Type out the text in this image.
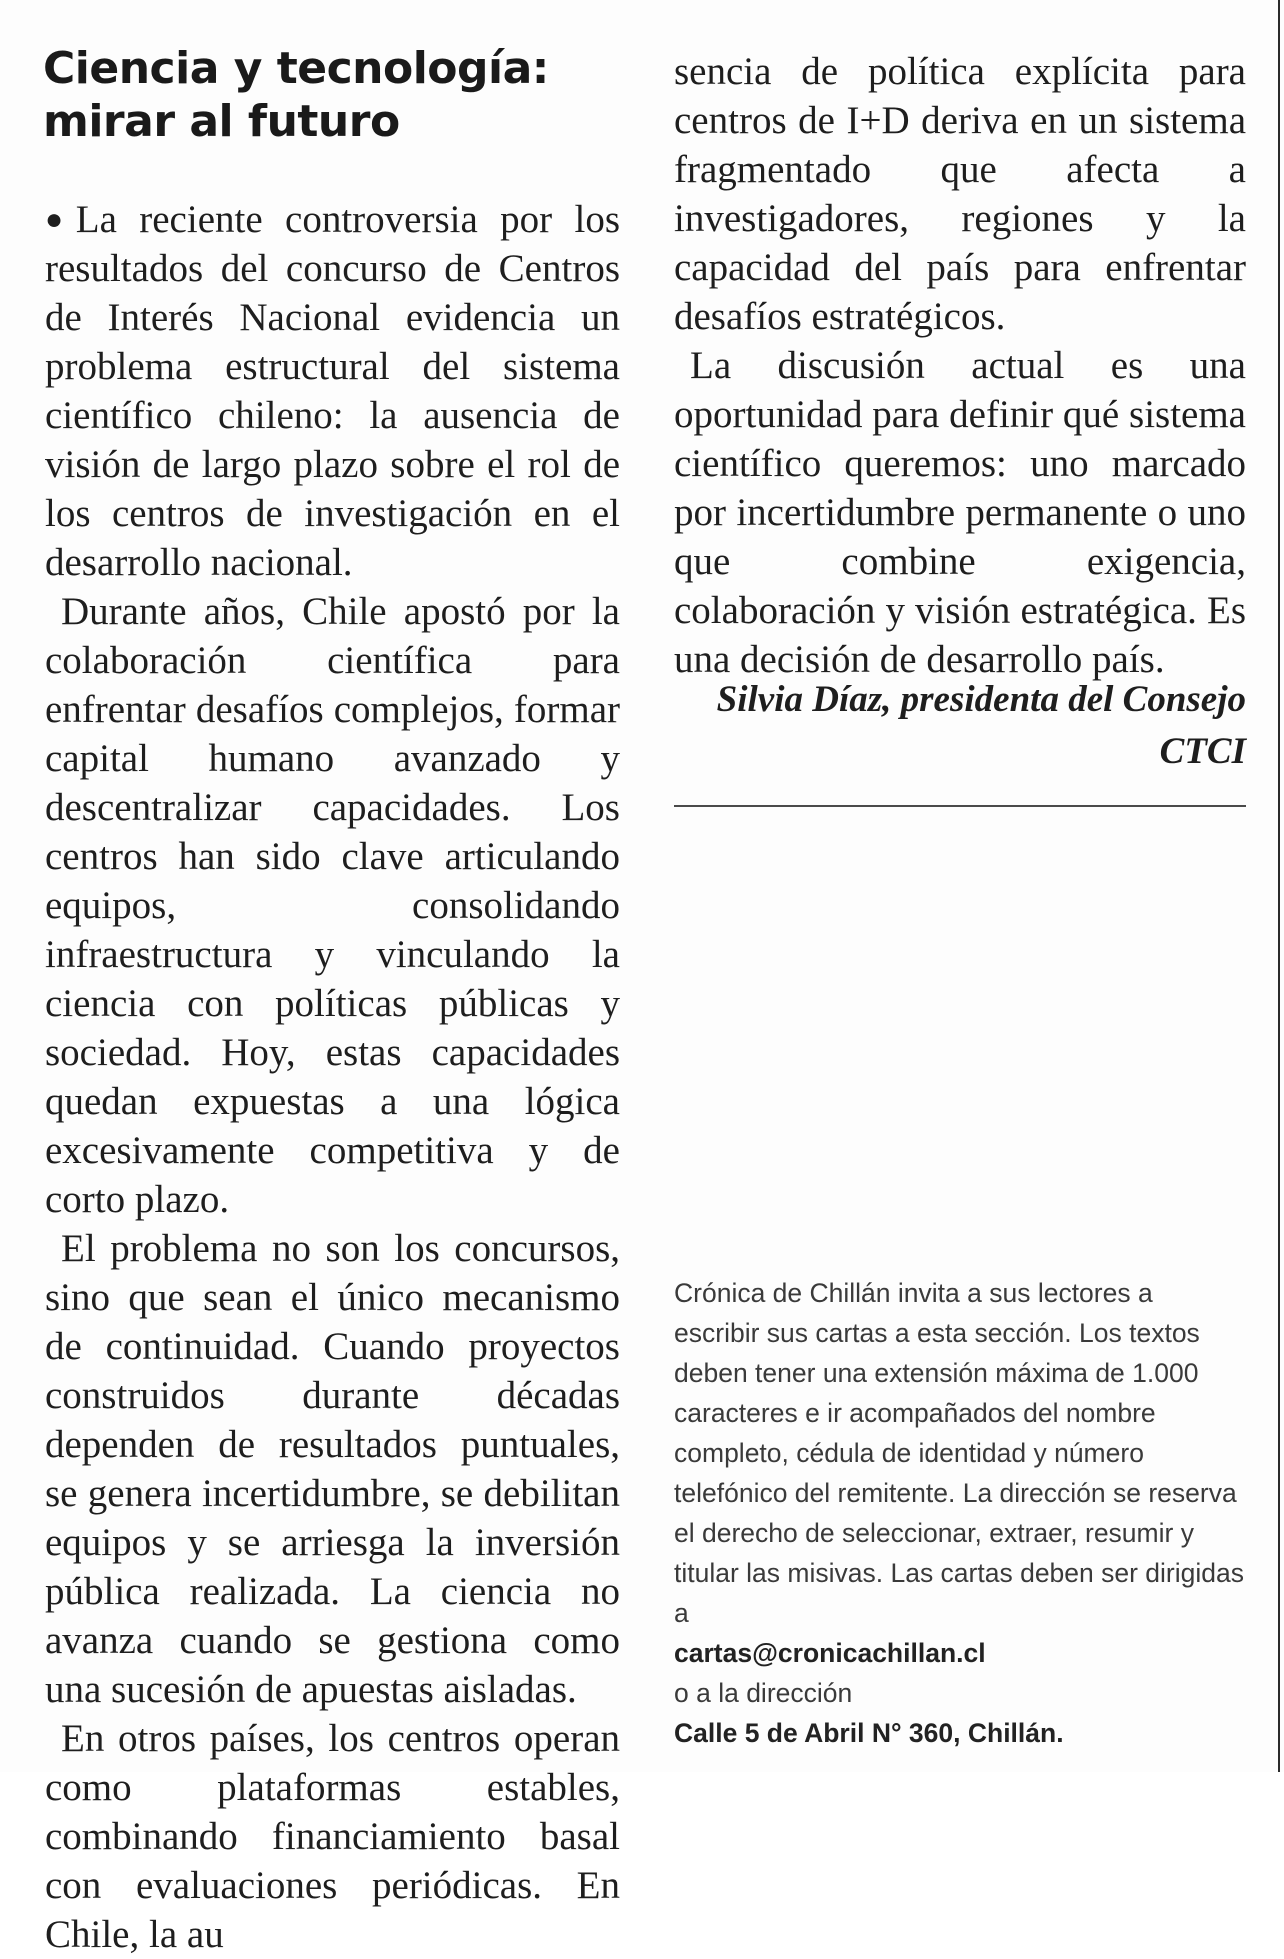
Ciencia y tecnología: mirar al futuro

●La reciente controversia por los resultados del concurso de Centros de Interés Nacional evidencia un problema estructural del sistema científico chileno: la ausencia de visión de largo plazo sobre el rol de los centros de investigación en el desarrollo nacional.

Durante años, Chile apostó por la colaboración científica para enfrentar desafíos complejos, formar capital humano avanzado y descentralizar capacidades. Los centros han sido clave articulando equipos, consolidando infraestructura y vinculando la ciencia con políticas públicas y sociedad. Hoy, estas capacidades quedan expuestas a una lógica excesivamente competitiva y de corto plazo.

El problema no son los concursos, sino que sean el único mecanismo de continuidad. Cuando proyectos construidos durante décadas dependen de resultados puntuales, se genera incertidumbre, se debilitan equipos y se arriesga la inversión pública realizada. La ciencia no avanza cuando se gestiona como una sucesión de apuestas aisladas.

En otros países, los centros operan como plataformas estables, combinando financiamiento basal con evaluaciones periódicas. En Chile, la au

sencia de política explícita para centros de I+D deriva en un sistema fragmentado que afecta a investigadores, regiones y la capacidad del país para enfrentar desafíos estratégicos.

La discusión actual es una oportunidad para definir qué sistema científico queremos: uno marcado por incertidumbre permanente o uno que combine exigencia, colaboración y visión estratégica. Es una decisión de desarrollo país.

Silvia Díaz, presidenta del Consejo
CTCI

Crónica de Chillán invita a sus lectores a escribir sus cartas a esta sección. Los textos deben tener una extensión máxima de 1.000 caracteres e ir acompañados del nombre completo, cédula de identidad y número telefónico del remitente. La dirección se reserva el derecho de seleccionar, extraer, resumir y titular las misivas. Las cartas deben ser dirigidas a

cartas@cronicachillan.cl

o a la dirección

Calle 5 de Abril N° 360, Chillán.
